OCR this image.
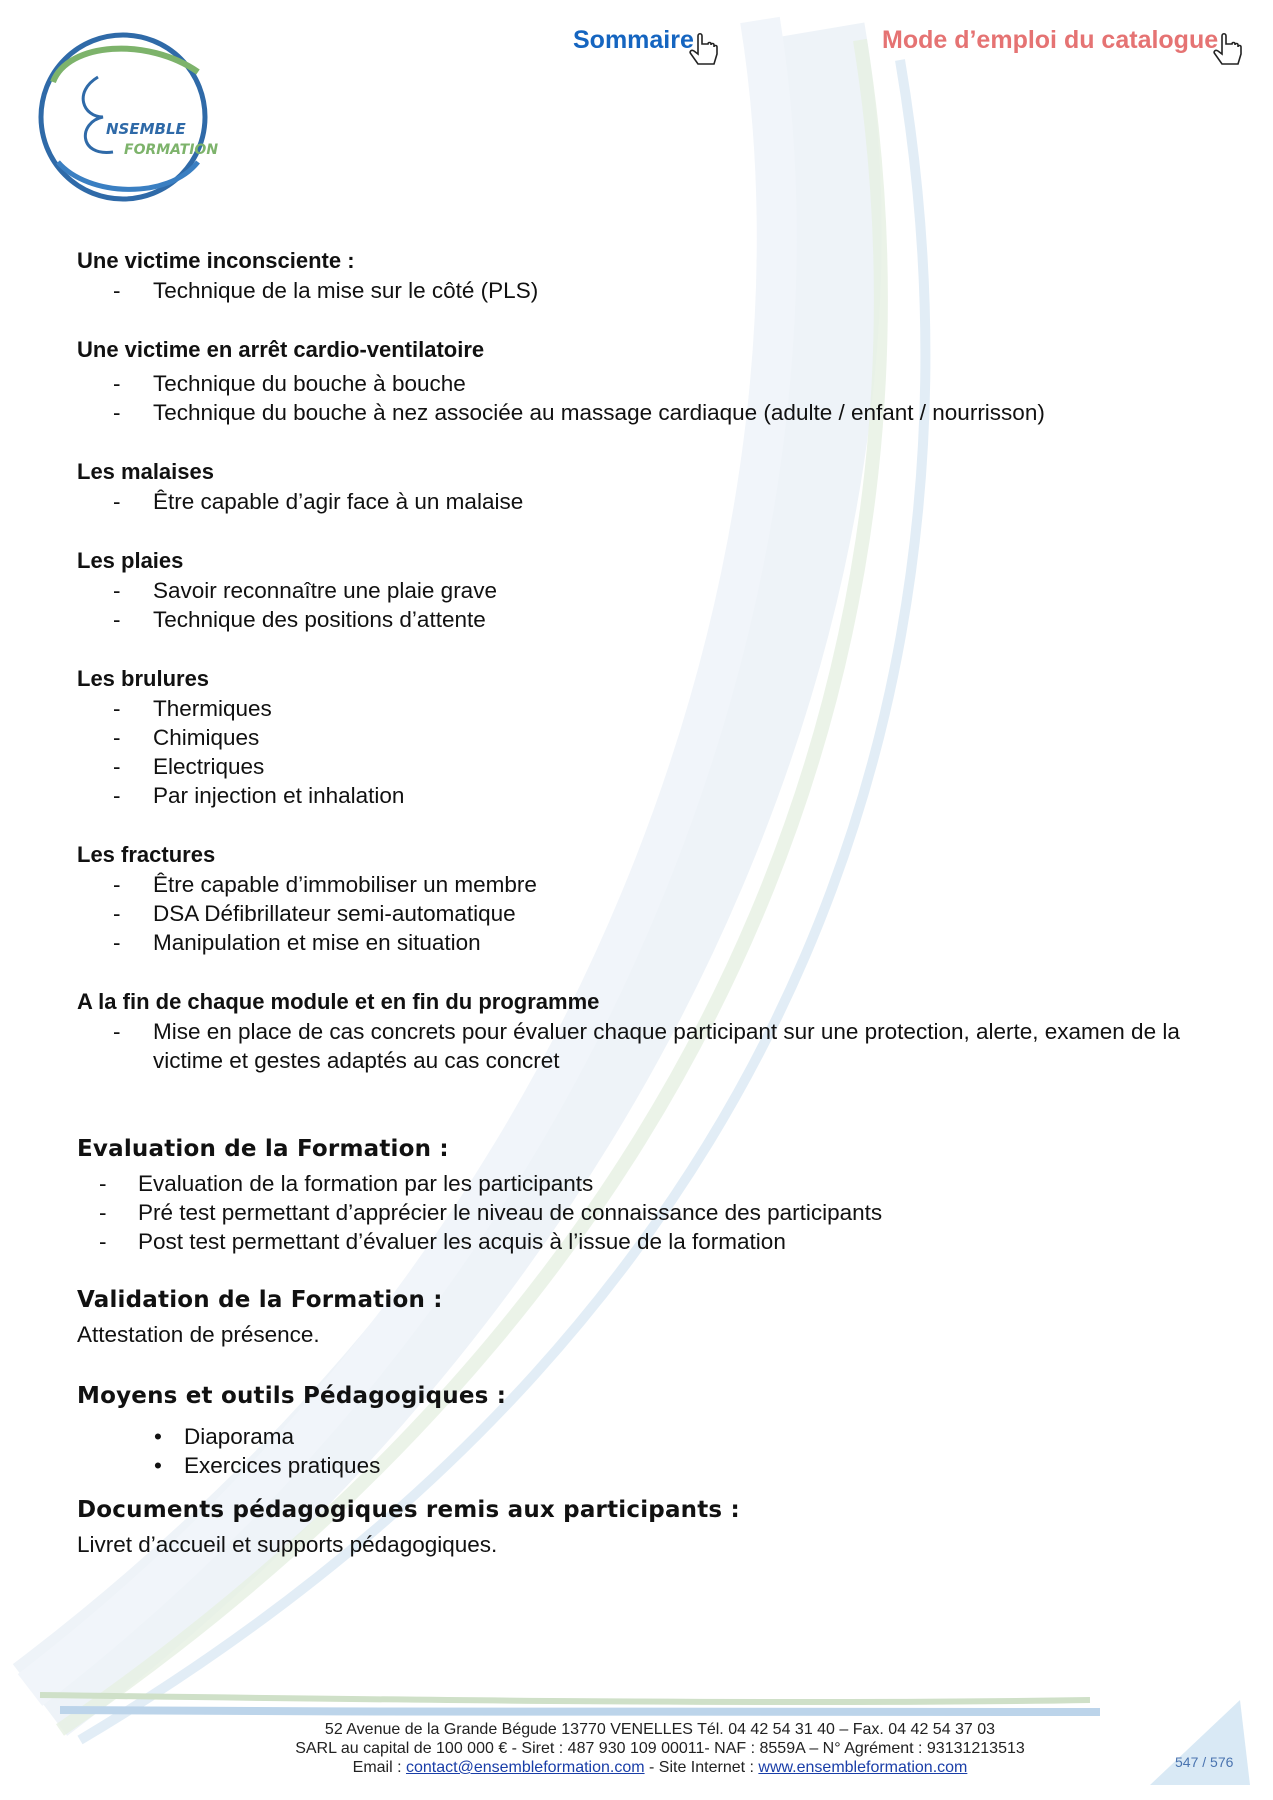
NSEMBLE
FORMATION
Sommaire	Mode d’emploi du catalogue
Une victime inconsciente :
- Technique de la mise sur le côté (PLS)
Une victime en arrêt cardio-ventilatoire
- Technique du bouche à bouche
- Technique du bouche à nez associée au massage cardiaque (adulte / enfant / nourrisson)
Les malaises
- Être capable d’agir face à un malaise
Les plaies
- Savoir reconnaître une plaie grave
- Technique des positions d’attente
Les brulures
- Thermiques
- Chimiques
- Electriques
- Par injection et inhalation
Les fractures
- Être capable d’immobiliser un membre
- DSA Défibrillateur semi-automatique
- Manipulation et mise en situation
A la fin de chaque module et en fin du programme
- Mise en place de cas concrets pour évaluer chaque participant sur une protection, alerte, examen de la victime et gestes adaptés au cas concret
Evaluation de la Formation :
- Evaluation de la formation par les participants
- Pré test permettant d’apprécier le niveau de connaissance des participants
- Post test permettant d’évaluer les acquis à l’issue de la formation
Validation de la Formation :

Attestation de présence.

Moyens et outils Pédagogiques :
• Diaporama
• Exercices pratiques
Documents pédagogiques remis aux participants :

Livret d’accueil et supports pédagogiques.

52 Avenue de la Grande Bégude 13770 VENELLES Tél. 04 42 54 31 40 – Fax. 04 42 54 37 03
SARL au capital de 100 000 € - Siret : 487 930 109 00011- NAF : 8559A – N° Agrément : 93131213513
Email : contact@ensembleformation.com - Site Internet : www.ensembleformation.com	547 / 576
